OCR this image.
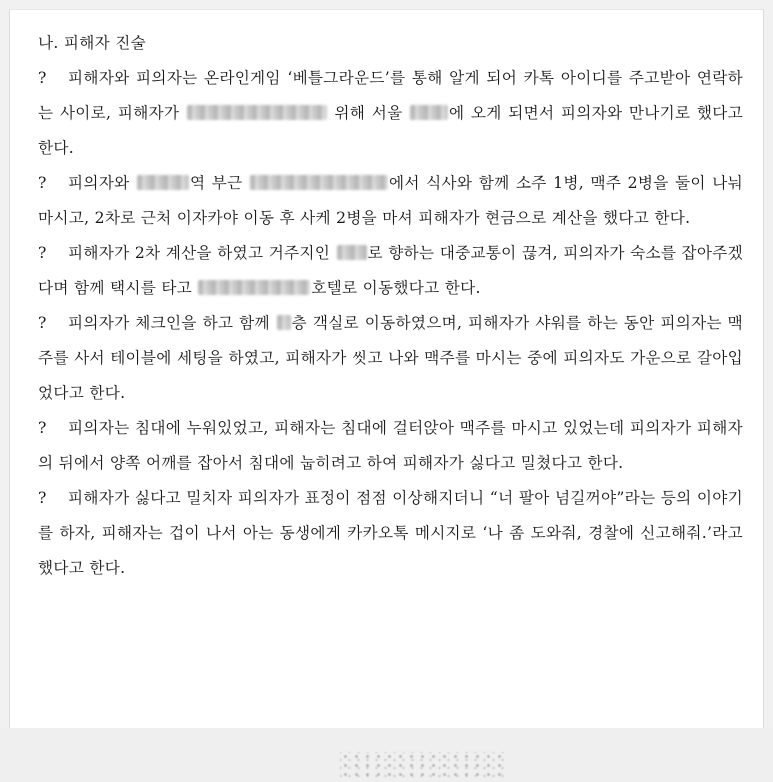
나. 피해자 진술

? 피해자와 피의자는 온라인게임 ‘베틀그라운드’를 통해 알게 되어 카톡 아이디를 주고받아 연락하는 사이로, 피해자가	위해 서울	에 오게 되면서 피의자와 만나기로 했다고 한다.

? 피의자와	역 부근	에서 식사와 함께 소주 1병, 맥주 2병을 둘이 나눠 마시고, 2차로 근처 이자카야 이동 후 사케 2병을 마셔 피해자가 현금으로 계산을 했다고 한다.

? 피해자가 2차 계산을 하였고 거주지인 로 향하는 대중교통이 끊겨, 피의자가 숙소를 잡아주겠다며 함께 택시를 타고	호텔로 이동했다고 한다.

? 피의자가 체크인을 하고 함께 층 객실로 이동하였으며, 피해자가 샤워를 하는 동안 피의자는 맥주를 사서 테이블에 세팅을 하였고, 피해자가 씻고 나와 맥주를 마시는 중에 피의자도 가운으로 갈아입었다고 한다.

? 피의자는 침대에 누워있었고, 피해자는 침대에 걸터앉아 맥주를 마시고 있었는데 피의자가 피해자의 뒤에서 양쪽 어깨를 잡아서 침대에 눕히려고 하여 피해자가 싫다고 밀쳤다고 한다.

? 피해자가 싫다고 밀치자 피의자가 표정이 점점 이상해지더니 “너 팔아 넘길꺼야”라는 등의 이야기를 하자, 피해자는 겁이 나서 아는 동생에게 카카오톡 메시지로 ‘나 좀 도와줘, 경찰에 신고해줘.’라고 했다고 한다.
